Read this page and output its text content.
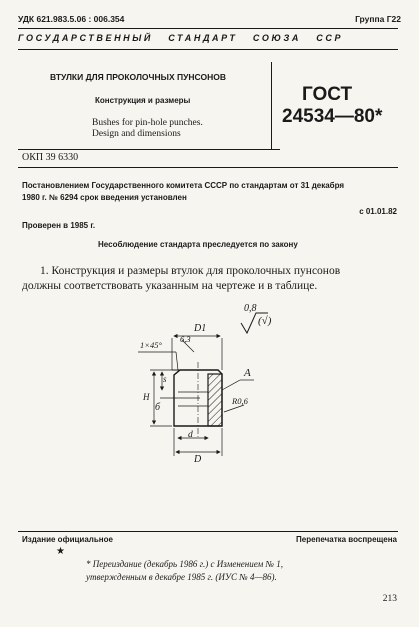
УДК 621.983.5.06 : 006.354	Группа Г22
ГОСУДАРСТВЕННЫЙ   СТАНДАРТ   СОЮЗА   ССР
ВТУЛКИ ДЛЯ ПРОКОЛОЧНЫХ ПУНСОНОВ
Конструкция и размеры
Bushes for pin-hole punches.
Design and dimensions
ГОСТ
24534—80*
ОКП 39 6330
Постановлением Государственного комитета СССР по стандартам от 31 декабря
1980 г. № 6294 срок введения установлен
с 01.01.82
Проверен в 1985 г.
Несоблюдение стандарта преследуется по закону
1. Конструкция и размеры втулок для проколочных пунсонов
должны соответствовать указанным на чертеже и в таблице.
0,8
(√)
D1
6,3
1×45°
s
H
б
А
R0,6
d
D
Издание официальное	Перепечатка воспрещена
★
* Переиздание (декабрь 1986 г.) с Изменением № 1,
утвержденным в декабре 1985 г. (ИУС № 4—86).
213
